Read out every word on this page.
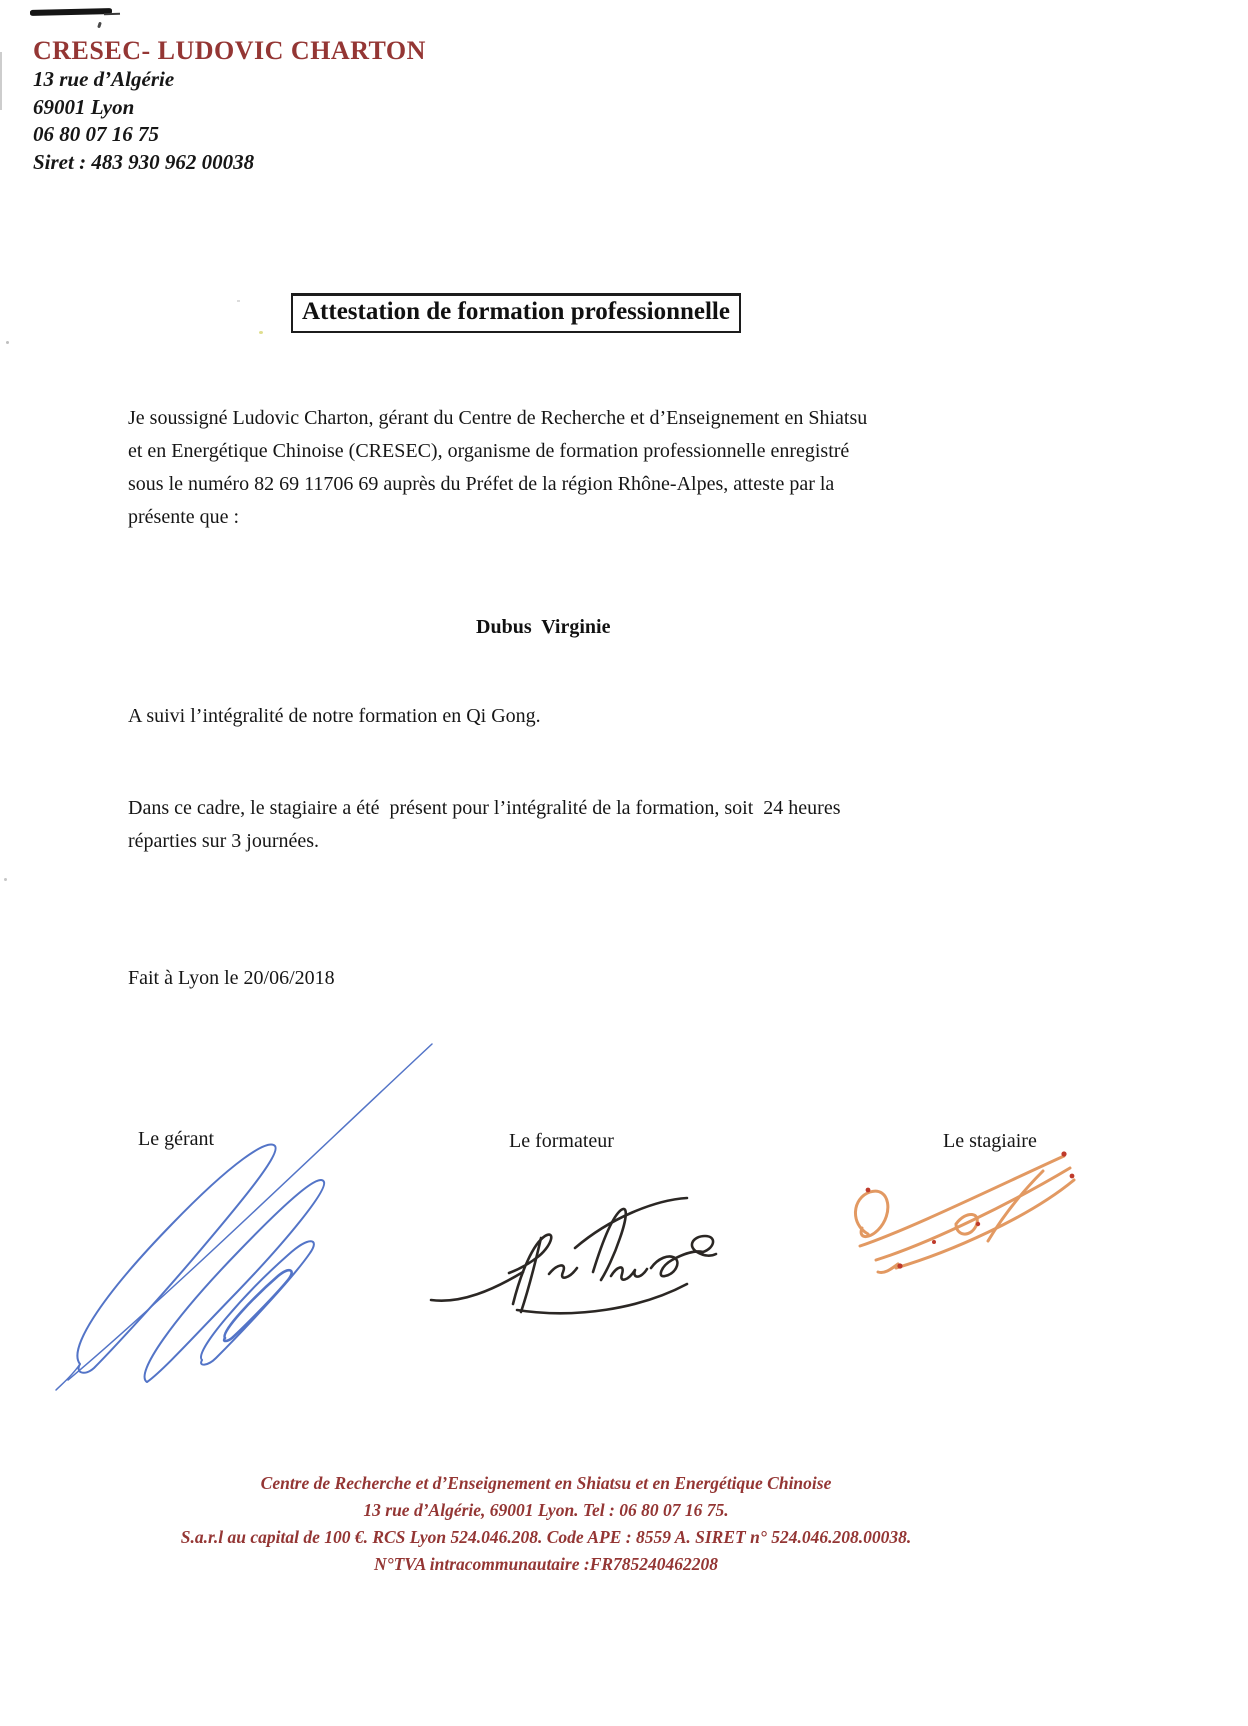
CRESEC- LUDOVIC CHARTON
13 rue d’Algérie
69001 Lyon
06 80 07 16 75
Siret : 483 930 962 00038
Attestation de formation professionnelle
Je soussigné Ludovic Charton, gérant du Centre de Recherche et d’Enseignement en Shiatsu
et en Energétique Chinoise (CRESEC), organisme de formation professionnelle enregistré
sous le numéro 82 69 11706 69 auprès du Préfet de la région Rhône-Alpes, atteste par la
présente que :
Dubus  Virginie
A suivi l’intégralité de notre formation en Qi Gong.
Dans ce cadre, le stagiaire a été  présent pour l’intégralité de la formation, soit  24 heures
réparties sur 3 journées.
Fait à Lyon le 20/06/2018
Le gérant	Le formateur	Le stagiaire
Centre de Recherche et d’Enseignement en Shiatsu et en Energétique Chinoise
13 rue d’Algérie, 69001 Lyon. Tel : 06 80 07 16 75.
S.a.r.l au capital de 100 €. RCS Lyon 524.046.208. Code APE : 8559 A. SIRET n° 524.046.208.00038.
N°TVA intracommunautaire :FR785240462208
